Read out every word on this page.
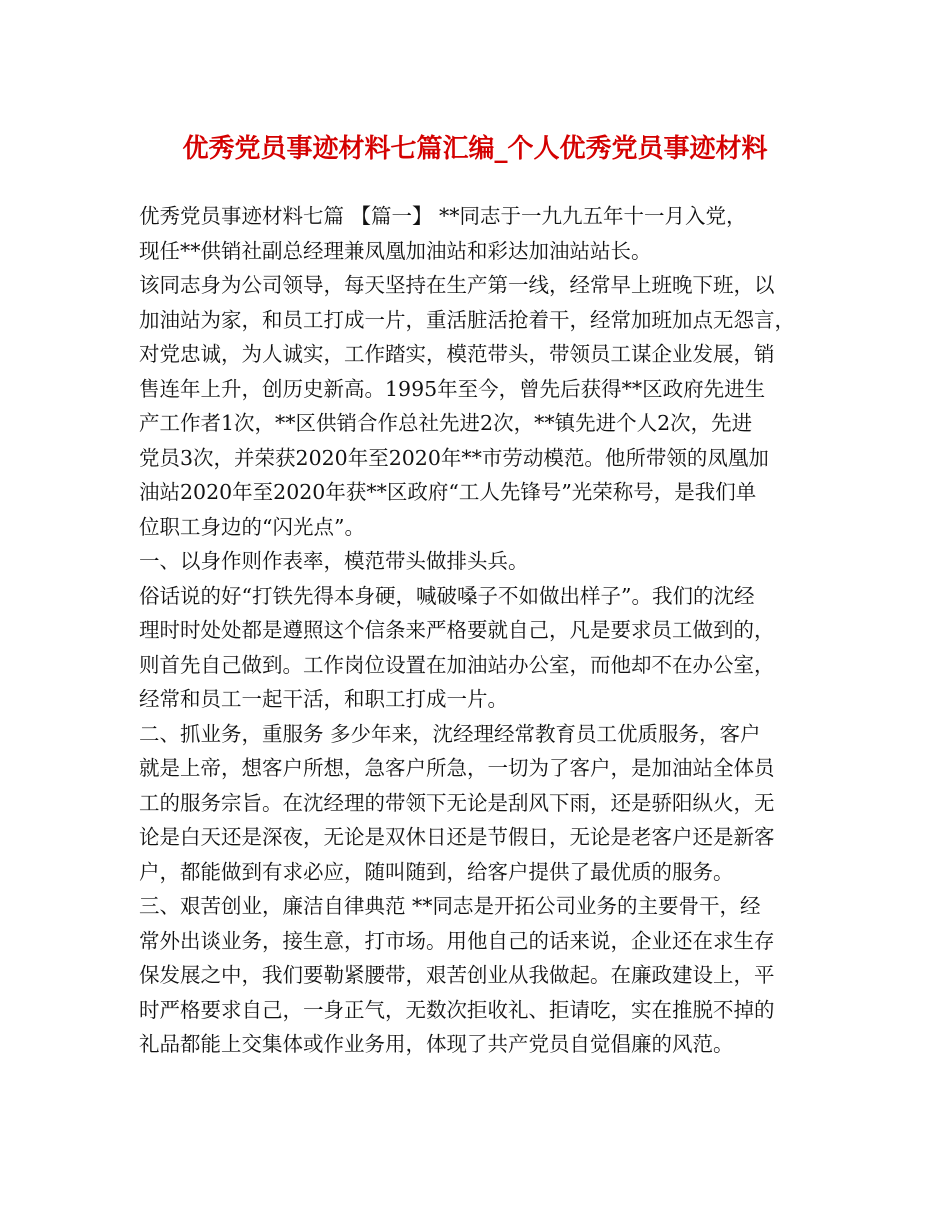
优秀党员事迹材料七篇汇编_个人优秀党员事迹材料
优秀党员事迹材料七篇 【篇一】 **同志于一九九五年十一月入党，
现任**供销社副总经理兼凤凰加油站和彩达加油站站长。
该同志身为公司领导，每天坚持在生产第一线，经常早上班晚下班，以
加油站为家，和员工打成一片，重活脏活抢着干，经常加班加点无怨言，
对党忠诚，为人诚实，工作踏实，模范带头，带领员工谋企业发展，销
售连年上升，创历史新高。1995年至今，曾先后获得**区政府先进生
产工作者1次，**区供销合作总社先进2次，**镇先进个人2次，先进
党员3次，并荣获2020年至2020年**市劳动模范。他所带领的凤凰加
油站2020年至2020年获**区政府“工人先锋号”光荣称号，是我们单
位职工身边的“闪光点”。
一、以身作则作表率，模范带头做排头兵。
俗话说的好“打铁先得本身硬，喊破嗓子不如做出样子”。我们的沈经
理时时处处都是遵照这个信条来严格要就自己，凡是要求员工做到的，
则首先自己做到。工作岗位设置在加油站办公室，而他却不在办公室，
经常和员工一起干活，和职工打成一片。
二、抓业务，重服务 多少年来，沈经理经常教育员工优质服务，客户
就是上帝，想客户所想，急客户所急，一切为了客户，是加油站全体员
工的服务宗旨。在沈经理的带领下无论是刮风下雨，还是骄阳纵火，无
论是白天还是深夜，无论是双休日还是节假日，无论是老客户还是新客
户，都能做到有求必应，随叫随到，给客户提供了最优质的服务。
三、艰苦创业，廉洁自律典范 **同志是开拓公司业务的主要骨干，经
常外出谈业务，接生意，打市场。用他自己的话来说，企业还在求生存
保发展之中，我们要勒紧腰带，艰苦创业从我做起。在廉政建设上，平
时严格要求自己，一身正气，无数次拒收礼、拒请吃，实在推脱不掉的
礼品都能上交集体或作业务用，体现了共产党员自觉倡廉的风范。
